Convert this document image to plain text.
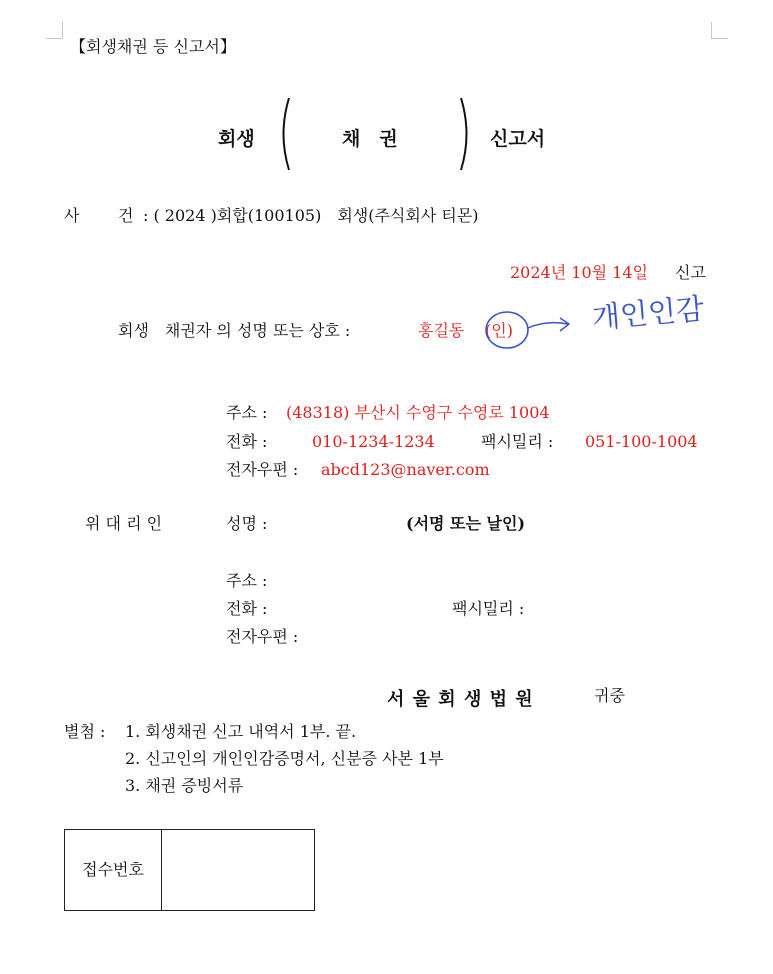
【회생채권 등 신고서】
회생	채　권	신고서
사 건 : ( 2024 )회합(100105)　회생(주식회사 티몬)
2024년 10월 14일 신고
회생　채권자 의 성명 또는 상호 :	홍길동 (인)	개인인감
주소 : (48318) 부산시 수영구 수영로 1004
전화 :	010-1234-1234	팩시밀리 : 051-100-1004
전자우편 : abcd123@naver.com
위 대 리 인	성명 :	(서명 또는 날인)
주소 :
전화 :	팩시밀리 :
전자우편 :
서 울 회 생 법 원	귀중
별첨 : 1. 회생채권 신고 내역서 1부. 끝.
2. 신고인의 개인인감증명서, 신분증 사본 1부
3. 채권 증빙서류
접수번호	
